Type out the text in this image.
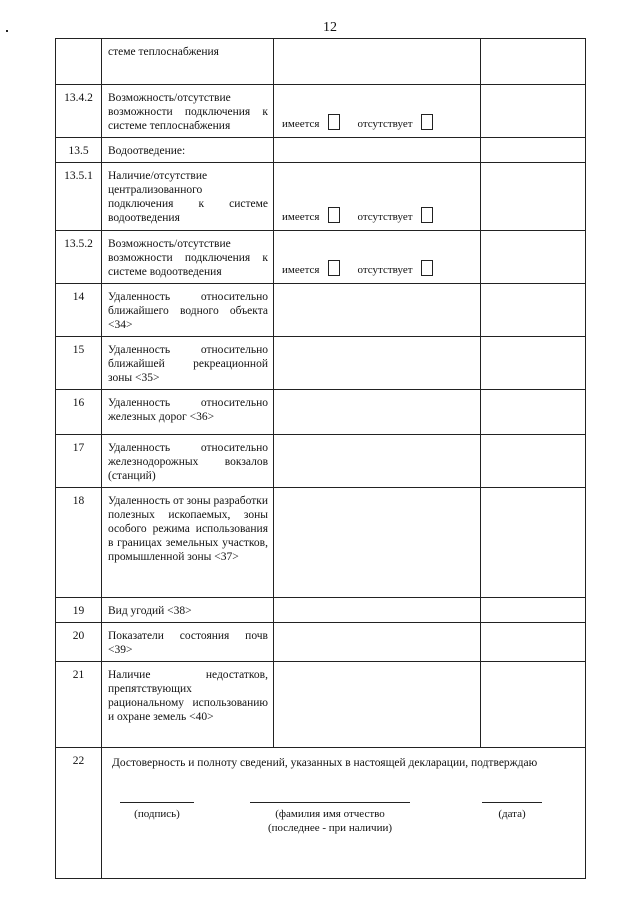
12
	стеме теплоснабжения		
13.4.2	Возможность/отсутствие возможности подключения к системе теплоснабжения	имеется отсутствует	
13.5	Водоотведение:		
13.5.1	Наличие/отсутствие централизованного подключения к системе водоотведения	имеется отсутствует	
13.5.2	Возможность/отсутствие возможности подключения к системе водоотведения	имеется отсутствует	
14	Удаленность относительно ближайшего водного объекта <34>		
15	Удаленность относительно ближайшей рекреационной зоны <35>		
16	Удаленность относительно железных дорог <36>		
17	Удаленность относительно железнодорожных вокзалов (станций)		
18	Удаленность от зоны разработки полезных ископаемых, зоны особого режима использования в границах земельных участков, промышленной зоны <37>		
19	Вид угодий <38>		
20	Показатели состояния почв <39>		
21	Наличие недостатков, препятствующих рациональному использованию и охране земель <40>		
22	Достоверность и полноту сведений, указанных в настоящей декларации, подтверждаю
(подпись) (фамилия имя отчество
(последнее - при наличии)
(дата)		
